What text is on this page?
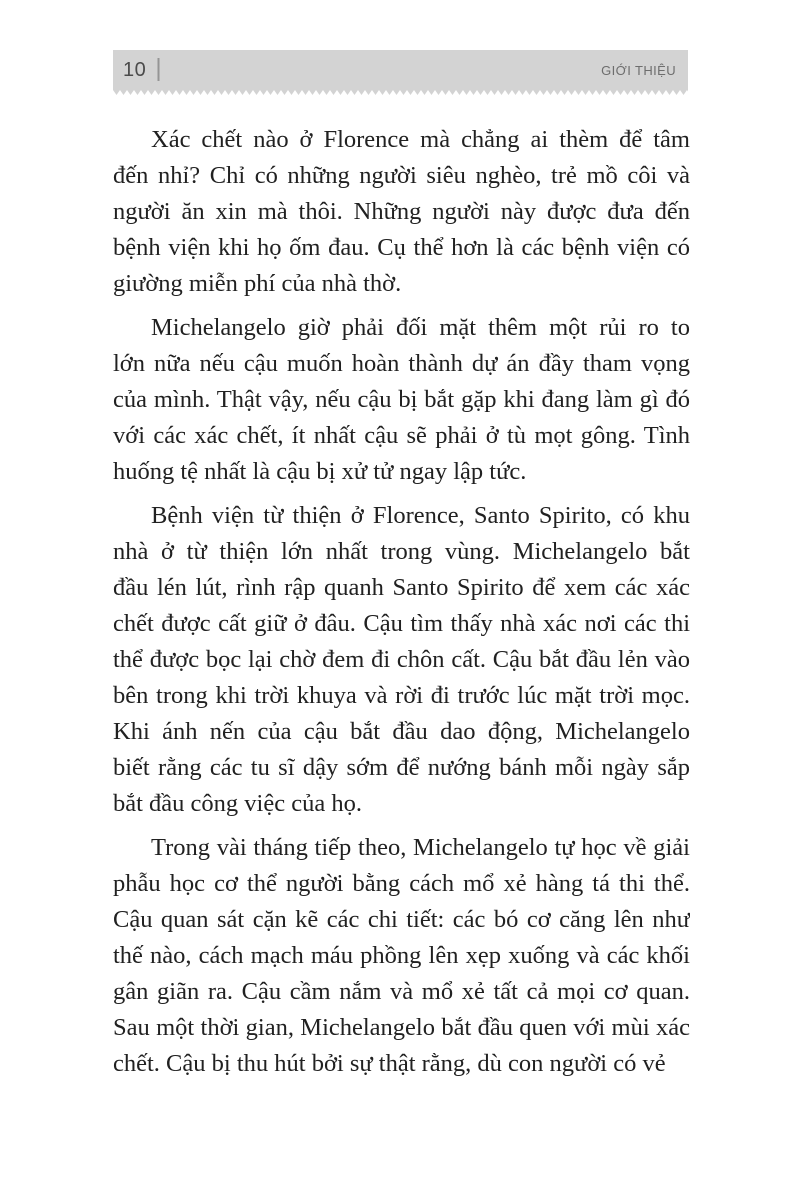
10 |	GIỚI THIỆU

Xác chết nào ở Florence mà chẳng ai thèm để tâm
đến nhỉ? Chỉ có những người siêu nghèo, trẻ mồ côi và
người ăn xin mà thôi. Những người này được đưa đến
bệnh viện khi họ ốm đau. Cụ thể hơn là các bệnh viện có
giường miễn phí của nhà thờ.

Michelangelo giờ phải đối mặt thêm một rủi ro to
lớn nữa nếu cậu muốn hoàn thành dự án đầy tham vọng
của mình. Thật vậy, nếu cậu bị bắt gặp khi đang làm gì đó
với các xác chết, ít nhất cậu sẽ phải ở tù mọt gông. Tình
huống tệ nhất là cậu bị xử tử ngay lập tức.

Bệnh viện từ thiện ở Florence, Santo Spirito, có khu
nhà ở từ thiện lớn nhất trong vùng. Michelangelo bắt
đầu lén lút, rình rập quanh Santo Spirito để xem các xác
chết được cất giữ ở đâu. Cậu tìm thấy nhà xác nơi các thi
thể được bọc lại chờ đem đi chôn cất. Cậu bắt đầu lẻn vào
bên trong khi trời khuya và rời đi trước lúc mặt trời mọc.
Khi ánh nến của cậu bắt đầu dao động, Michelangelo
biết rằng các tu sĩ dậy sớm để nướng bánh mỗi ngày sắp
bắt đầu công việc của họ.

Trong vài tháng tiếp theo, Michelangelo tự học về giải
phẫu học cơ thể người bằng cách mổ xẻ hàng tá thi thể.
Cậu quan sát cặn kẽ các chi tiết: các bó cơ căng lên như
thế nào, cách mạch máu phồng lên xẹp xuống và các khối
gân giãn ra. Cậu cầm nắm và mổ xẻ tất cả mọi cơ quan.
Sau một thời gian, Michelangelo bắt đầu quen với mùi xác
chết. Cậu bị thu hút bởi sự thật rằng, dù con người có vẻ
